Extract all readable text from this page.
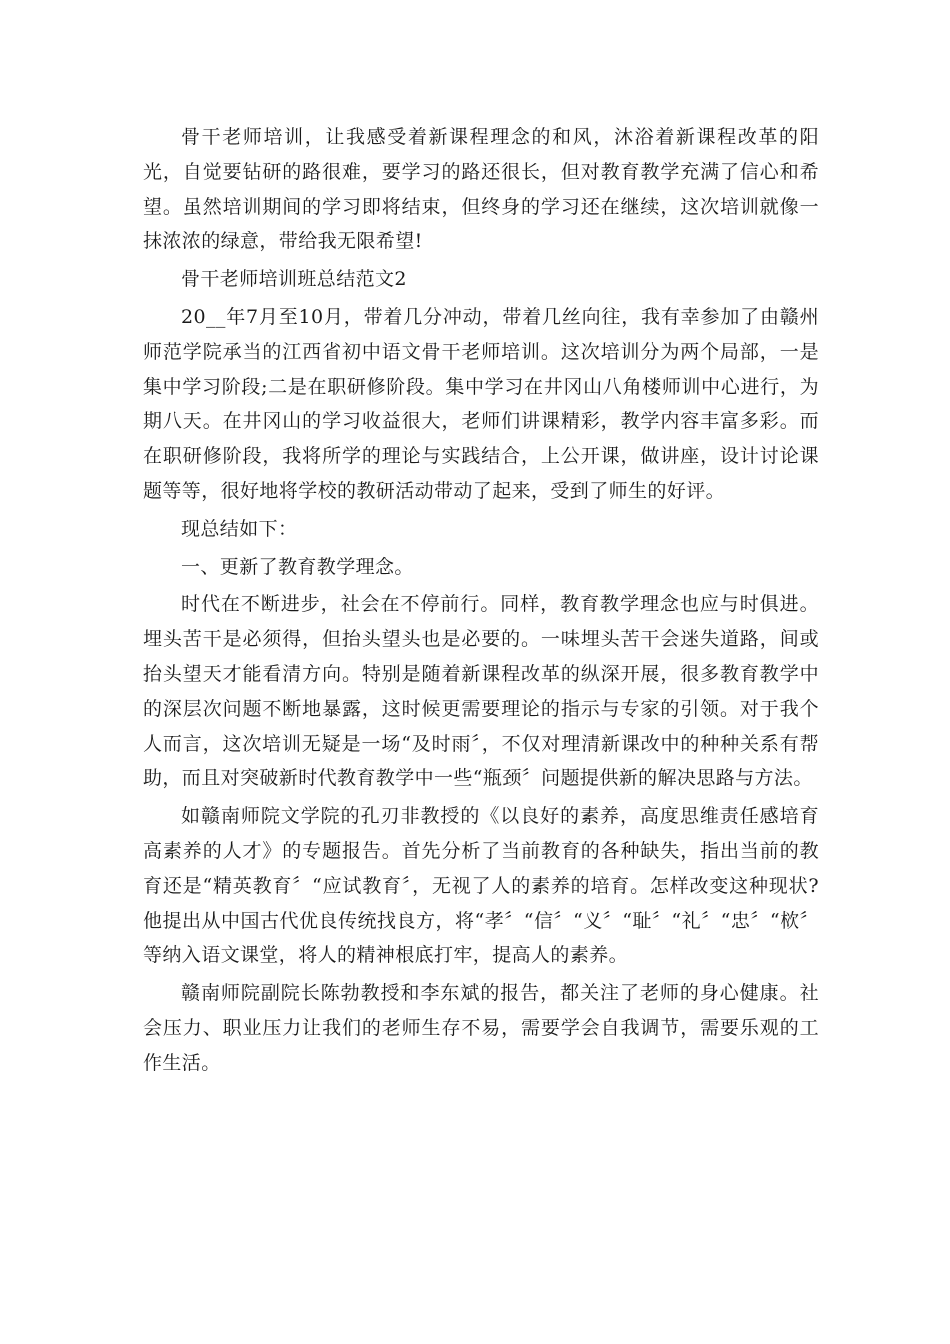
骨干老师培训，让我感受着新课程理念的和风，沐浴着新课程改革的阳光，自觉要钻研的路很难，要学习的路还很长，但对教育教学充满了信心和希望。虽然培训期间的学习即将结束，但终身的学习还在继续，这次培训就像一抹浓浓的绿意，带给我无限希望!

骨干老师培训班总结范文2

20__年7月至10月，带着几分冲动，带着几丝向往，我有幸参加了由赣州师范学院承当的江西省初中语文骨干老师培训。这次培训分为两个局部，一是集中学习阶段;二是在职研修阶段。集中学习在井冈山八角楼师训中心进行，为期八天。在井冈山的学习收益很大，老师们讲课精彩，教学内容丰富多彩。而在职研修阶段，我将所学的理论与实践结合，上公开课，做讲座，设计讨论课题等等，很好地将学校的教研活动带动了起来，受到了师生的好评。

现总结如下：

一、更新了教育教学理念。

时代在不断进步，社会在不停前行。同样，教育教学理念也应与时俱进。埋头苦干是必须得，但抬头望头也是必要的。一味埋头苦干会迷失道路，间或抬头望天才能看清方向。特别是随着新课程改革的纵深开展，很多教育教学中的深层次问题不断地暴露，这时候更需要理论的指示与专家的引领。对于我个人而言，这次培训无疑是一场“及时雨〞，不仅对理清新课改中的种种关系有帮助，而且对突破新时代教育教学中一些“瓶颈〞问题提供新的解决思路与方法。

如赣南师院文学院的孔刃非教授的《以良好的素养，高度思维责任感培育高素养的人才》的专题报告。首先分析了当前教育的各种缺失，指出当前的教育还是“精英教育〞“应试教育〞，无视了人的素养的培育。怎样改变这种现状?他提出从中国古代优良传统找良方，将“孝〞“信〞“义〞“耻〞“礼〞“忠〞“栨〞等纳入语文课堂，将人的精神根底打牢，提高人的素养。

赣南师院副院长陈勃教授和李东斌的报告，都关注了老师的身心健康。社会压力、职业压力让我们的老师生存不易，需要学会自我调节，需要乐观的工作生活。
